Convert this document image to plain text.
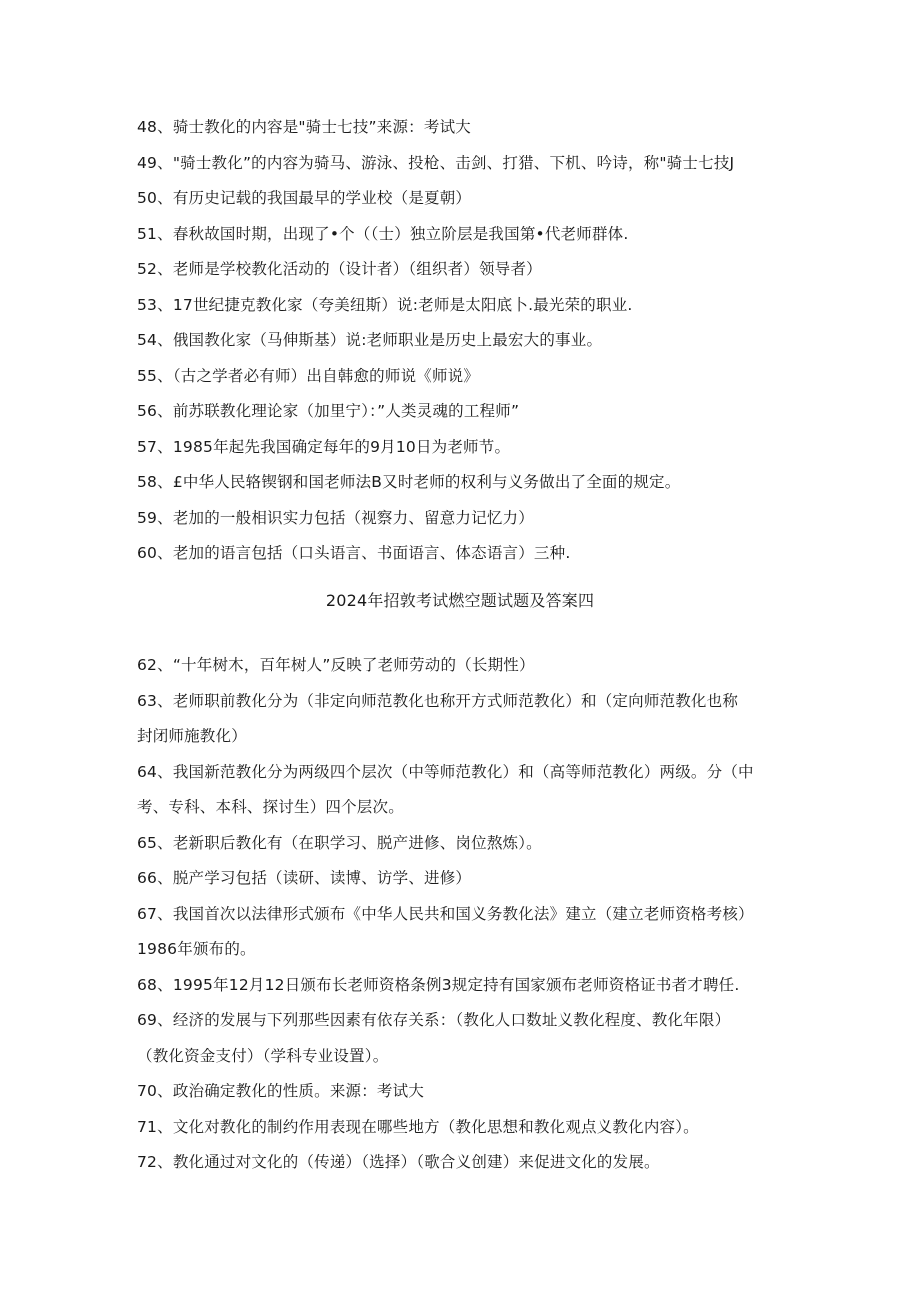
48、骑士教化的内容是"骑士七技”来源：考试大
49、"骑士教化”的内容为骑马、游泳、投枪、击剑、打猎、下机、吟诗，称"骑士七技J
50、有历史记载的我国最早的学业校（是夏朝）
51、春秋故国时期，出现了•个（（士）独立阶层是我国第•代老师群体.
52、老师是学校教化活动的（设计者）（组织者）领导者）
53、17世纪捷克教化家（夸美纽斯）说:老师是太阳底卜.最光荣的职业.
54、俄国教化家（马伸斯基）说:老师职业是历史上最宏大的事业。
55、（古之学者必有师）出自韩愈的师说《师说》
56、前苏联教化理论家（加里宁）：”人类灵魂的工程师”
57、1985年起先我国确定每年的9月10日为老师节。
58、£中华人民辂锲钢和国老师法B又时老师的权利与义务做出了全面的规定。
59、老加的一般相识实力包括（视察力、留意力记忆力）
60、老加的语言包括（口头语言、书面语言、体态语言）三种.
2024年招敦考试燃空题试题及答案四
62、“十年树木，百年树人”反映了老师劳动的（长期性）
63、老师职前教化分为（非定向师范教化也称开方式师范教化）和（定向师范教化也称
封闭师施教化）
64、我国新范教化分为两级四个层次（中等师范教化）和（高等师范教化）两级。分（中
考、专科、本科、探讨生）四个层次。
65、老新职后教化有（在职学习、脱产进修、岗位熬炼）。
66、脱产学习包括（读研、读博、访学、进修）
67、我国首次以法律形式颁布《中华人民共和国义务教化法》建立（建立老师资格考核）
1986年颁布的。
68、1995年12月12日颁布长老师资格条例3规定持有国家颁布老师资格证书者才聘任.
69、经济的发展与下列那些因素有依存关系：（教化人口数址义教化程度、教化年限）
（教化资金支付）（学科专业设置）。
70、政治确定教化的性质。来源：考试大
71、文化对教化的制约作用表现在哪些地方（教化思想和教化观点义教化内容）。
72、教化通过对文化的（传递）（选择）（歌合义创建）来促进文化的发展。
